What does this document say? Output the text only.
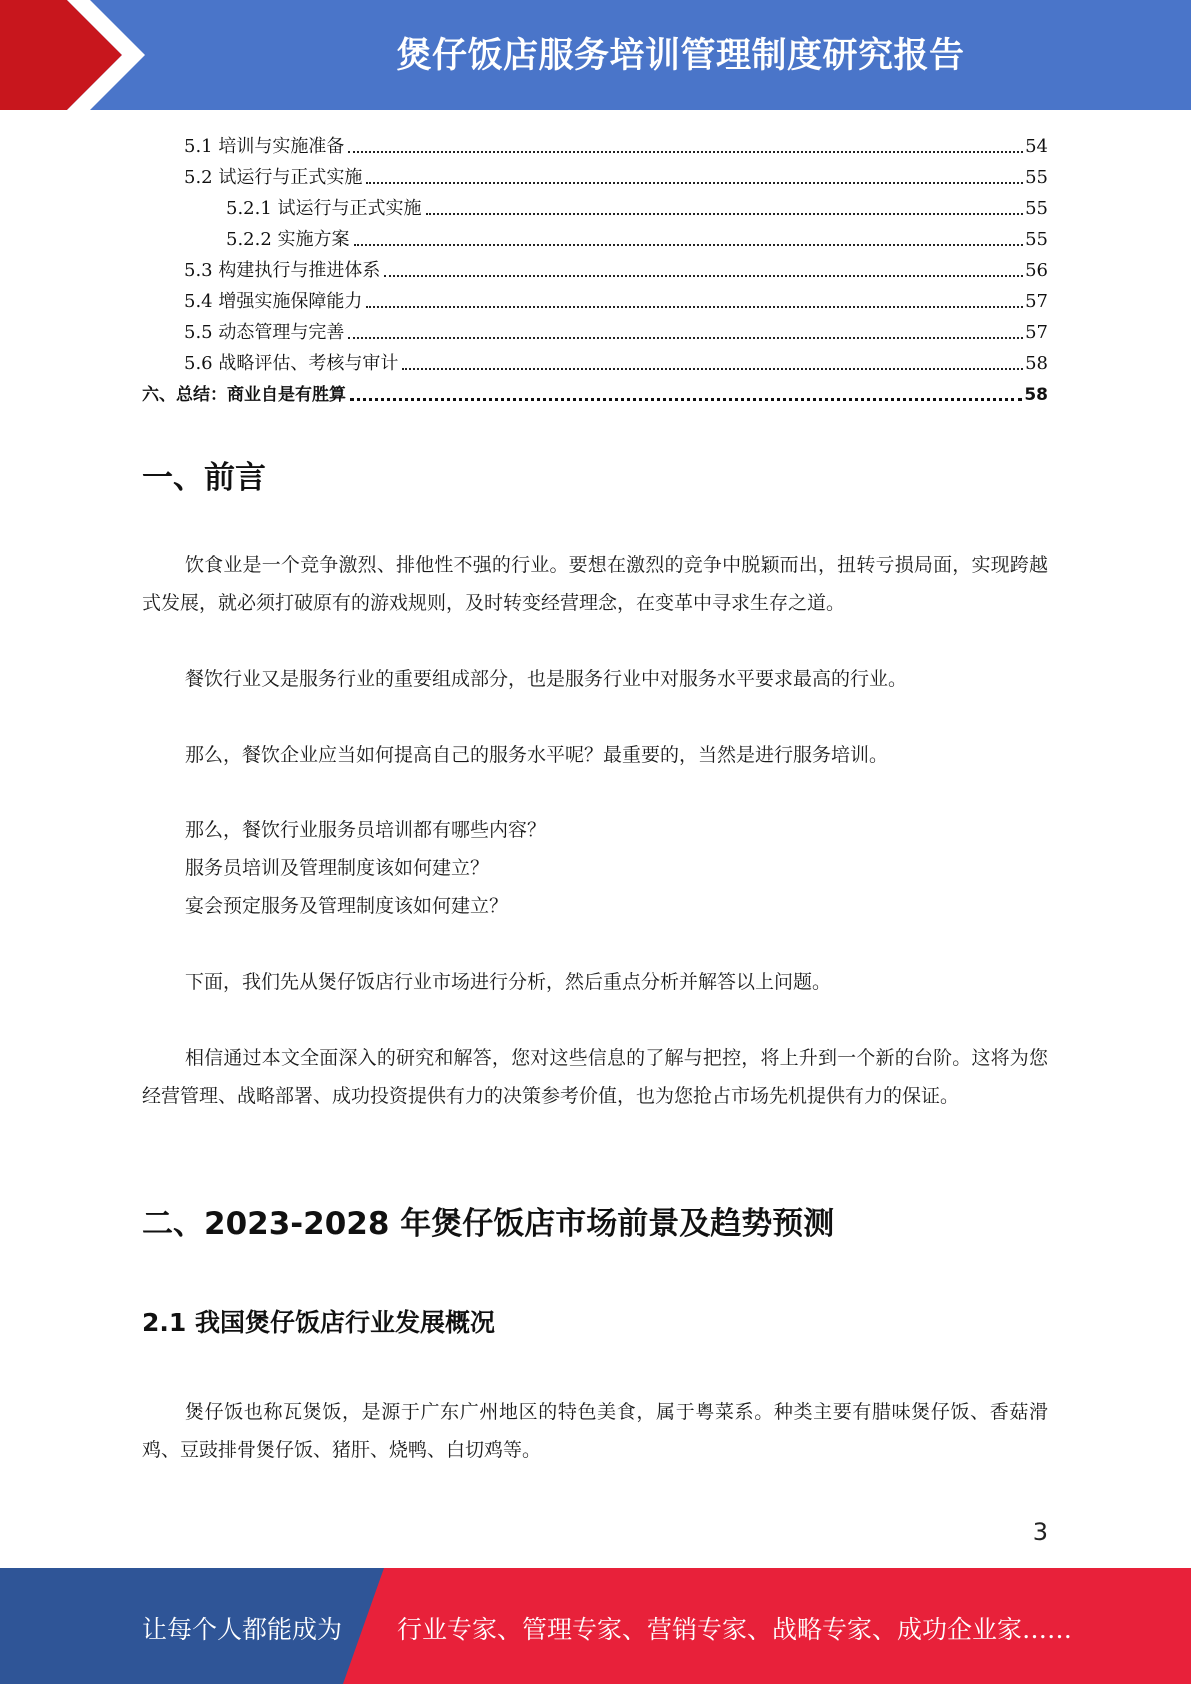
煲仔饭店服务培训管理制度研究报告
5.1 培训与实施准备	54
5.2 试运行与正式实施	55
5.2.1 试运行与正式实施	55
5.2.2 实施方案	55
5.3 构建执行与推进体系	56
5.4 增强实施保障能力	57
5.5 动态管理与完善	57
5.6 战略评估、考核与审计	58
六、总结：商业自是有胜算	58
一、前言

饮食业是一个竞争激烈、排他性不强的行业。要想在激烈的竞争中脱颖而出，扭转亏损局面，实现跨越式发展，就必须打破原有的游戏规则，及时转变经营理念，在变革中寻求生存之道。

餐饮行业又是服务行业的重要组成部分，也是服务行业中对服务水平要求最高的行业。

那么，餐饮企业应当如何提高自己的服务水平呢？最重要的，当然是进行服务培训。

那么，餐饮行业服务员培训都有哪些内容？

服务员培训及管理制度该如何建立？

宴会预定服务及管理制度该如何建立？

下面，我们先从煲仔饭店行业市场进行分析，然后重点分析并解答以上问题。

相信通过本文全面深入的研究和解答，您对这些信息的了解与把控，将上升到一个新的台阶。这将为您经营管理、战略部署、成功投资提供有力的决策参考价值，也为您抢占市场先机提供有力的保证。

二、2023-2028 年煲仔饭店市场前景及趋势预测
2.1 我国煲仔饭店行业发展概况

煲仔饭也称瓦煲饭，是源于广东广州地区的特色美食，属于粤菜系。种类主要有腊味煲仔饭、香菇滑鸡、豆豉排骨煲仔饭、猪肝、烧鸭、白切鸡等。

3
让每个人都能成为 行业专家、管理专家、营销专家、战略专家、成功企业家……
